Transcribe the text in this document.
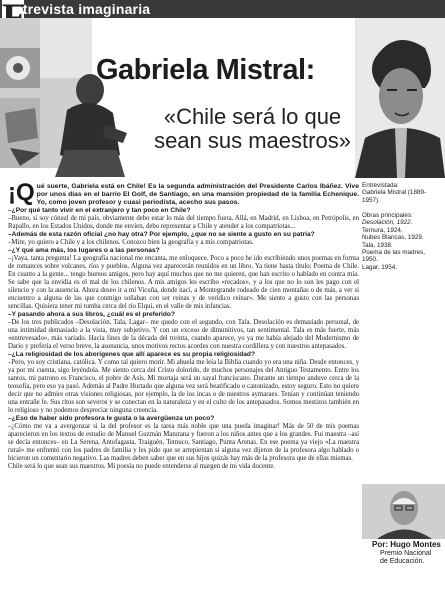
ntrevista imaginaria
Gabriela Mistral:
«Chile será lo que sean sus maestros»
Entrevistada:
Gabriela Mistral (1889-1957).
Obras principales:
Desolación, 1922.
Ternura, 1924.
Nubes Blancas, 1929.
Tala, 1938.
Poema de las madres, 1950.
Lagar, 1954.
Por: Hugo Montes
Premio Nacional
de Educación.

¡Q ué suerte, Gabriela está en Chile! Es la segunda administración del Presidente Carlos Ibáñez. Vive por unos días en el barrio El Golf, de Santiago, en una mansión propiedad de la familia Echenique. Yo, como joven profesor y cuasi periodista, acecho sus pasos.

–¿Por qué tanto vivir en el extranjero y tan poco en Chile?

–Bueno, si soy cónsul de mi país, obviamente debo estar lo más del tiempo fuera. Allá, en Madrid, en Lisboa, en Petrópolis, en Rapallo, en los Estados Unidos, donde me envíen, debo representar a Chile y atender a los compatriotas...

–Además de esta razón oficial ¿no hay otra? Por ejemplo, ¿que no se siente a gusto en su patria?

–Mire, yo quiero a Chile y a los chilenos. Conozco bien la geografía y a mis compatriotas.

–¿Y qué ama más, los lugares o a las personas?

–¡Vaya, tanta pregunta! La geografía nacional me encanta, me enloquece. Poco a poco he ido escribiendo unos poemas en forma de romances sobre volcanes, ríos y pueblos. Alguna vez aparecerán reunidos en un libro. Ya tiene hasta título: Poema de Chile. En cuanto a la gente... tengo buenos amigos, pero hay aquí muchos que no me quieren, que han escrito o hablado en contra mía. Se sabe que la envidia es el mal de los chilenos. A mis amigos les escribo «recados», y a los que no lo son les pago con el silencio y con la ausencia. Ahora deseo ir a mi Vicuña, donde nací, a Montegrande rodeado de cien montañas o de más, a ver si encuentro a alguna de las que conmigo soñaban con ser reinas y de verídico reinar». Me siento a gusto con las personas sencillas. Quisiera tener mi tumba cerca del río Elqui, en el valle de mis infancias.

–Y pasando ahora a sus libros, ¿cuál es el preferido?

–De los tres publicados –Desolación, Tala, Lagar– me quedo con el segundo, con Tala. Desolación es demasiado personal, de una intimidad demasiado a la vista, muy subjetivo. Y con un exceso de dimunitivos, tan sentimental. Tala es más fuerte, más «entrevesado», más variado. Hacia fines de la década del treinta, cuando aparece, yo ya me había alejado del Modernismo de Darío y prefería el verso breve, la asonancia, unos motivos rectos acordes con nuestra cordillera y con nuestros antepasados.

–¿La religiosidad de los aborígenes que allí aparece es su propia religiosidad?

–Pero, yo soy cristiana, católica. Y como tal quiero morir. Mi abuela me leía la Biblia cuando yo era una niña. Desde entonces, y ya por mi cuenta, sigo leyéndola. Me siento cerca del Cristo dolorido, de muchos personajes del Antiguo Testamento. Entre los santos, mi patrono es Francisco, el pobre de Asís. Mi mortaja será un sayal franciscano. Durante un tiempo anduve cerca de la teosofía, pero eso ya pasó. Además al Padre Hurtado que alguna vez será beatificado o canonizado, estoy seguro. Esto no quiere decir que no admire otras visiones religiosas, por ejemplo, la de los incas o de nuestros aymaraes. Tenían y continúan teniendo una entrañe fe. Sus ritos son severos y se conectan en la naturaleza y en el culto de los antepasados. Somos mestizos también en lo religioso y no podemos despreciar ninguna creencia.

–¿Eso de haber sido profesora le gusta o la avergüenza un poco?

–¿Cómo me va a avergonzar si la del profesor es la tarea más noble que una pueda imaginar! Más de 50 de mis poemas aparecieron en los textos de estudio de Manuel Guzmán Maturana y fueron a los niños antes que a los grandes. Fui maestra –así se decía entonces– en La Serena, Antofagasta, Traiguén, Temuco, Santiago, Punta Arenas. En ese poema ya viejo «La maestra rural» me enfrentó con los padres de familia y les pido que se arrepientan si alguna vez dijeron de la profesora algo hablado o hicieron un comentario negativo. Las madres deben saber que en sus hijos quizás hay más de la profesora que de ellas mismas.

Chile será lo que sean sus maestros. Mi poesía no puede entenderse al margen de mi vida docente.
